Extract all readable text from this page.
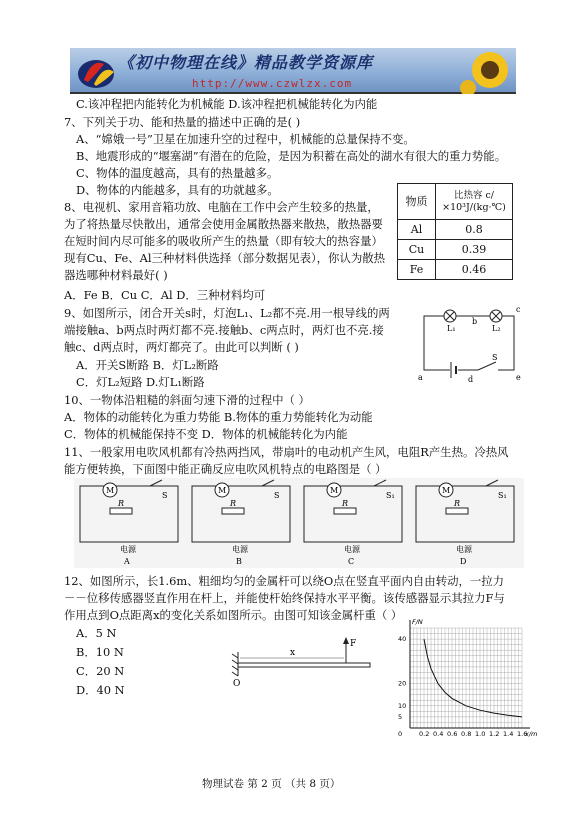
《初中物理在线》精品教学资源库
http://www.czwlzx.com
C.该冲程把内能转化为机械能 D.该冲程把机械能转化为内能
7、下列关于功、能和热量的描述中正确的是( )
A、“嫦娥一号”卫星在加速升空的过程中，机械能的总量保持不变。
B、地震形成的“堰塞湖”有潜在的危险，是因为积蓄在高处的湖水有很大的重力势能。
C、物体的温度越高，具有的热量越多。
D、物体的内能越多，具有的功就越多。
8、电视机、家用音箱功放、电脑在工作中会产生较多的热量，
为了将热量尽快散出，通常会使用金属散热器来散热，散热器要
在短时间内尽可能多的吸收所产生的热量（即有较大的热容量）
现有Cu、Fe、Al三种材料供选择（部分数据见表），你认为散热
器选哪种材料最好( )
A．Fe B．Cu C．Al D．三种材料均可
9、如图所示，闭合开关s时，灯泡L₁、L₂都不亮.用一根导线的两
端接触a、b两点时两灯都不亮.接触b、c两点时，两灯也不亮.接
触c、d两点时，两灯都亮了。由此可以判断 ( )
A．开关S断路 B．灯L₂断路
C．灯L₂短路 D.灯L₁断路
10、一物体沿粗糙的斜面匀速下滑的过程中（ ）
A．物体的动能转化为重力势能 B.物体的重力势能转化为动能
C．物体的机械能保持不变 D．物体的机械能转化为内能
11、一般家用电吹风机都有冷热两挡风，带扇叶的电动机产生风，电阻R产生热。冷热风
能方便转换，下面图中能正确反应电吹风机特点的电路图是（ ）
12、如图所示，长1.6m、粗细均匀的金属杆可以绕O点在竖直平面内自由转动，一拉力
－－位移传感器竖直作用在杆上，并能使杆始终保持水平平衡。该传感器显示其拉力F与
作用点到O点距离x的变化关系如图所示。由图可知该金属杆重（ ）
A．5 N
B．10 N
C．20 N
D．40 N
物质	比热容 c/×10³J/(kg·℃)
Al	0.8
Cu	0.39
Fe	0.46
L₁	L₂
a
b
c
d	e
S
M
R
S
电源
A
M
R
S
电源
B
M
R
S₁
电源
C
M
R
S₁
电源
D
F
O
x
0	0.2 0.4 0.6 0.8 1.0 1.2 1.4 1.6
5
10
20
40
F/N
x/m
物理试卷 第 2 页 （共 8 页）
